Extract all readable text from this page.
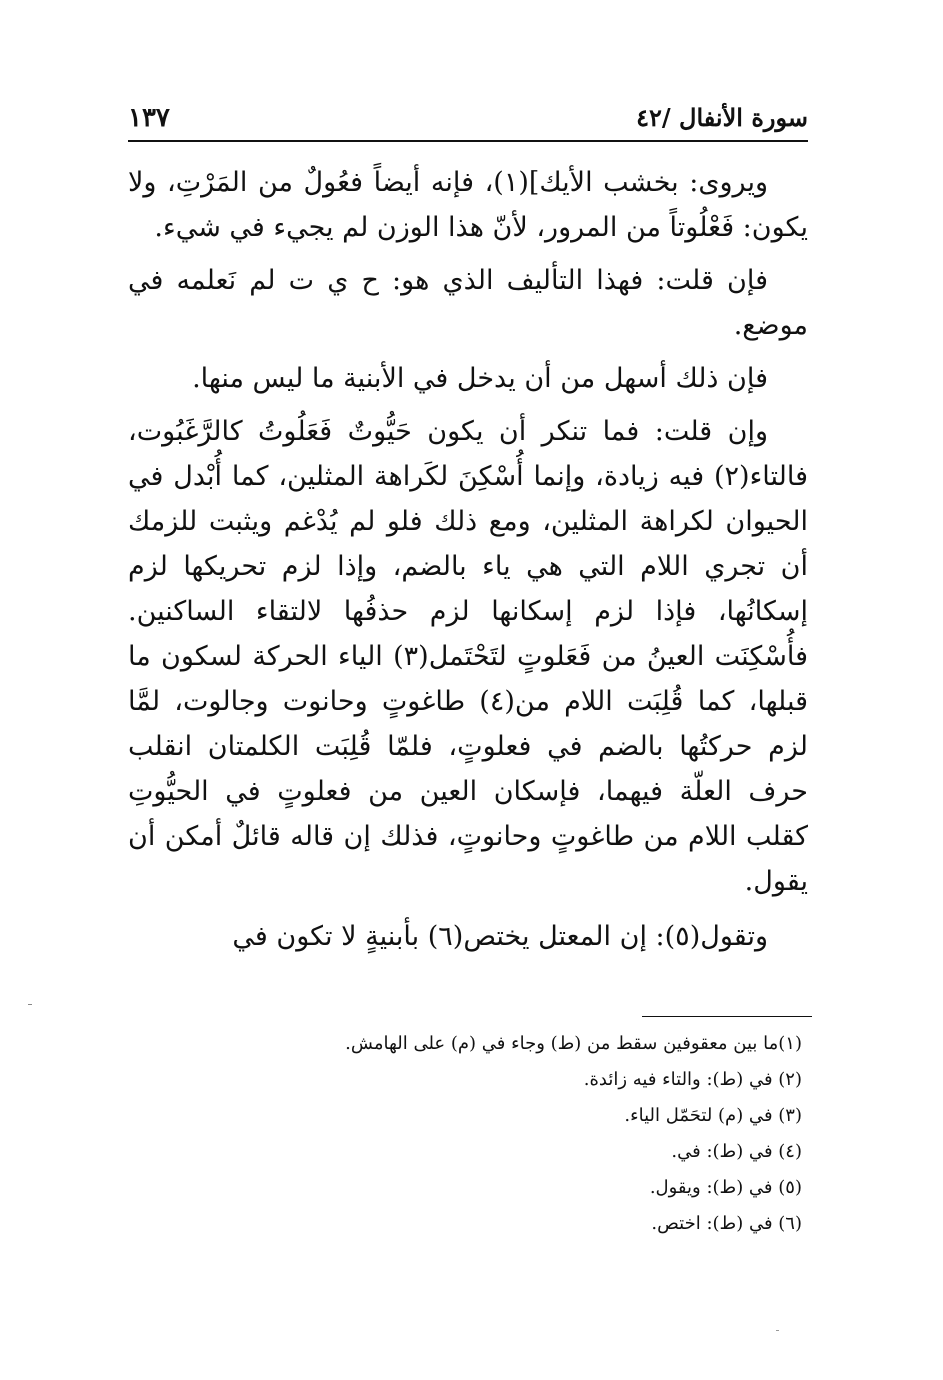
١٣٧	سورة الأنفال /٤٢

ويروى: بخشب الأيك](١)، فإنه أيضاً فعُولٌ من المَرْتِ، ولا يكون: فَعْلُوتاً من المرور، لأنّ هذا الوزن لم يجيء في شيء.

فإن قلت: فهذا التأليف الذي هو: ح ي ت لم نَعلمه في موضع.

فإن ذلك أسهل من أن يدخل في الأبنية ما ليس منها.

وإن قلت: فما تنكر أن يكون حَيُّوتٌ فَعَلُوتُ كالرَّغَبُوت، فالتاء(٢) فيه زيادة، وإنما أُسْكِنَ لكَراهة المثلين، كما أُبْدل في الحيوان لكراهة المثلين، ومع ذلك فلو لم يُدْغم ويثبت للزمك أن تجري اللام التي هي ياء بالضم، وإذا لزم تحريكها لزم إسكانُها، فإذا لزم إسكانها لزم حذفُها لالتقاء الساكنين. فأُسْكِنَت العينُ من فَعَلوتٍ لتَحْتَمل(٣) الياء الحركة لسكون ما قبلها، كما قُلِبَت اللام من(٤) طاغوتٍ وحانوت وجالوت، لمَّا لزم حركتُها بالضم في فعلوتٍ، فلمّا قُلِبَت الكلمتان انقلب حرف العلّة فيهما، فإسكان العين من فعلوتٍ في الحيُّوتِ كقلب اللام من طاغوتٍ وحانوتٍ، فذلك إن قاله قائلٌ أمكن أن يقول.

وتقول(٥): إن المعتل يختص(٦) بأبنيةٍ لا تكون في

(١)ما بين معقوفين سقط من (ط) وجاء في (م) على الهامش.

(٢) في (ط): والتاء فيه زائدة.

(٣) في (م) لتحَمّل الياء.

(٤) في (ط): في.

(٥) في (ط): ويقول.

(٦) في (ط): اختص.
